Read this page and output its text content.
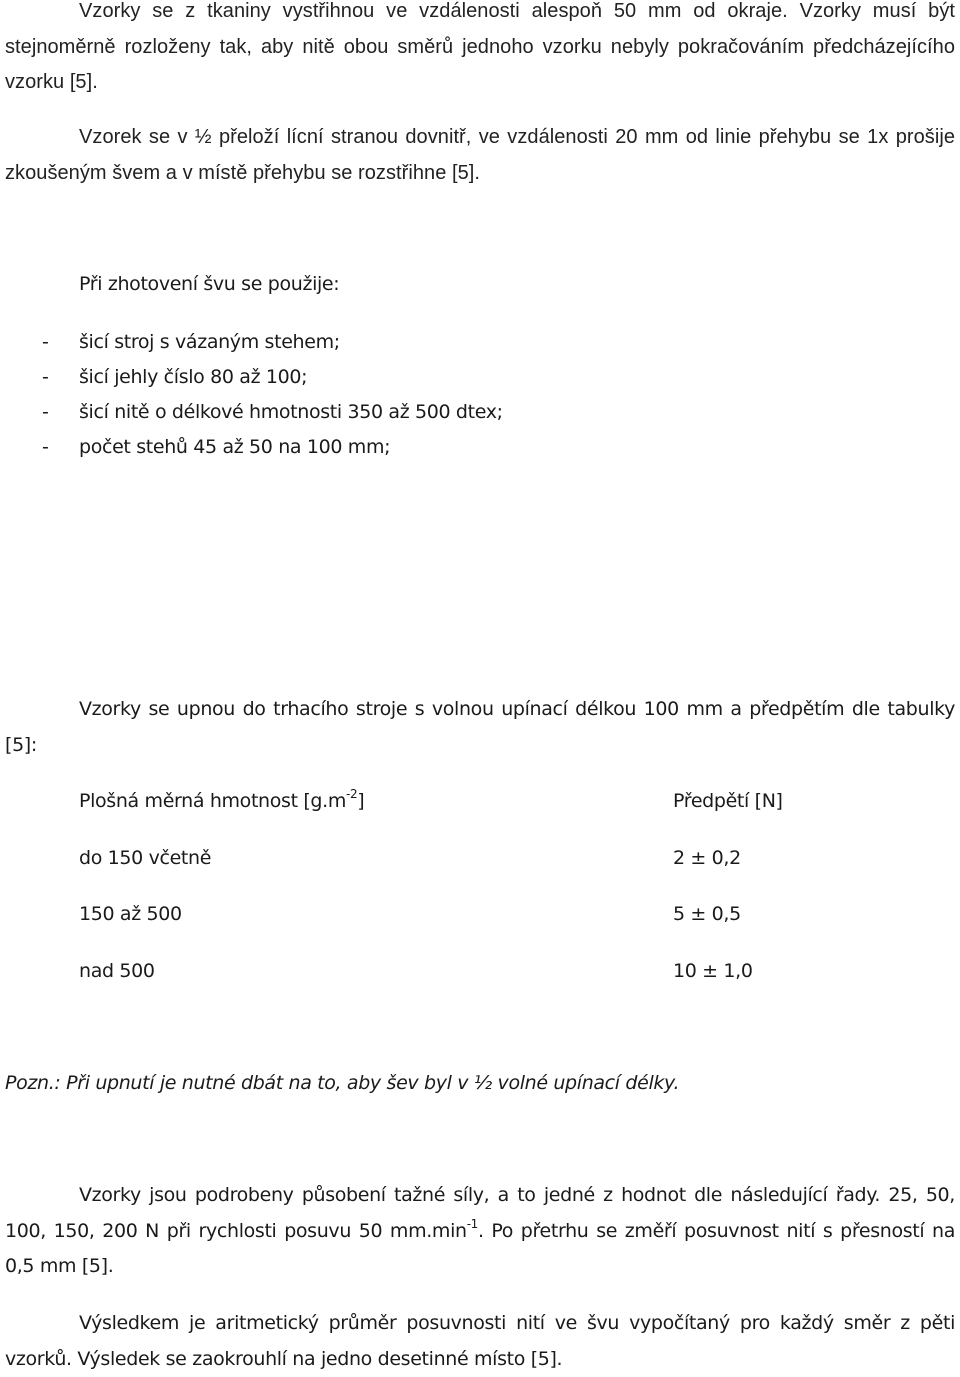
Vzorky se z tkaniny vystřihnou ve vzdálenosti alespoň 50 mm od okraje. Vzorky musí být stejnoměrně rozloženy tak, aby nitě obou směrů jednoho vzorku nebyly pokračováním předcházejícího vzorku [5].

Vzorek se v ½ přeloží lícní stranou dovnitř, ve vzdálenosti 20 mm od linie přehybu se 1x prošije zkoušeným švem a v místě přehybu se rozstřihne [5].

Při zhotovení švu se použije:

- šicí stroj s vázaným stehem;
- šicí jehly číslo 80 až 100;
- šicí nitě o délkové hmotnosti 350 až 500 dtex;
- počet stehů 45 až 50 na 100 mm;

Vzorky se upnou do trhacího stroje s volnou upínací délkou 100 mm a předpětím dle tabulky [5]:

Plošná měrná hmotnost $[g.m^{-2}]$	Předpětí [N]
do 150 včetně	2 ± 0,2
150 až 500	5 ± 0,5
nad 500	10 ± 1,0
Pozn.: Při upnutí je nutné dbát na to, aby šev byl v ½ volné upínací délky.

Vzorky jsou podrobeny působení tažné síly, a to jedné z hodnot dle následující řady. 25, 50, 100, 150, 200 N při rychlosti posuvu 50 $mm.\min^{-1}$. Po přetrhu se změří posuvnost nití s přesností na 0,5 mm [5].

Výsledkem je aritmetický průměr posuvnosti nití ve švu vypočítaný pro každý směr z pěti vzorků. Výsledek se zaokrouhlí na jedno desetinné místo [5].
